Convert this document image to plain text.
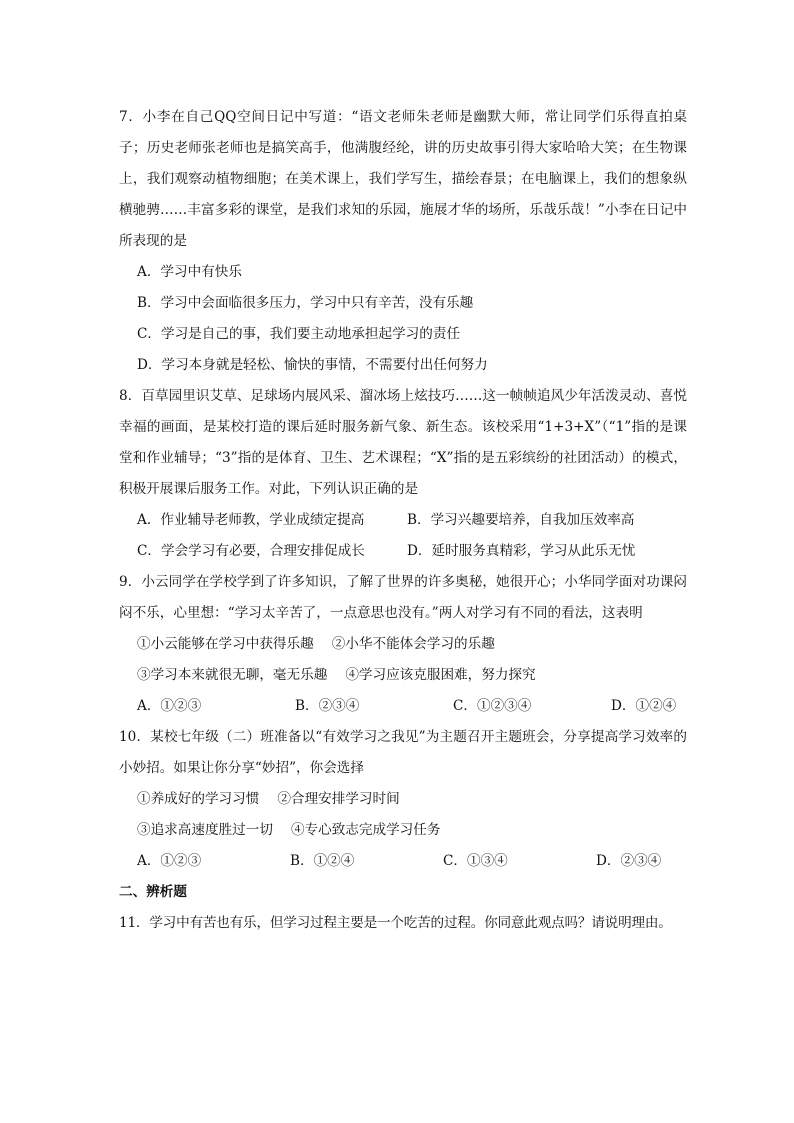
7．小李在自己QQ空间日记中写道：“语文老师朱老师是幽默大师，常让同学们乐得直拍桌子；历史老师张老师也是搞笑高手，他满腹经纶，讲的历史故事引得大家哈哈大笑；在生物课上，我们观察动植物细胞；在美术课上，我们学写生，描绘春景；在电脑课上，我们的想象纵横驰骋……丰富多彩的课堂，是我们求知的乐园，施展才华的场所，乐哉乐哉！”小李在日记中所表现的是
A．学习中有快乐
B．学习中会面临很多压力，学习中只有辛苦，没有乐趣
C．学习是自己的事，我们要主动地承担起学习的责任
D．学习本身就是轻松、愉快的事情，不需要付出任何努力
8．百草园里识艾草、足球场内展风采、溜冰场上炫技巧……这一帧帧追风少年活泼灵动、喜悦幸福的画面，是某校打造的课后延时服务新气象、新生态。该校采用“1+3+X”（“1”指的是课堂和作业辅导；“3”指的是体育、卫生、艺术课程；“X”指的是五彩缤纷的社团活动）的模式，积极开展课后服务工作。对此，下列认识正确的是
A．作业辅导老师教，学业成绩定提高	B．学习兴趣要培养，自我加压效率高
C．学会学习有必要，合理安排促成长	D．延时服务真精彩，学习从此乐无忧
9．小云同学在学校学到了许多知识，了解了世界的许多奥秘，她很开心；小华同学面对功课闷闷不乐，心里想：“学习太辛苦了，一点意思也没有。”两人对学习有不同的看法，这表明
①小云能够在学习中获得乐趣 ②小华不能体会学习的乐趣
③学习本来就很无聊，毫无乐趣 ④学习应该克服困难，努力探究
A．①②③	B．②③④	C．①②③④	D．①②④
10．某校七年级（二）班准备以“有效学习之我见”为主题召开主题班会，分享提高学习效率的小妙招。如果让你分享“妙招”，你会选择
①养成好的学习习惯 ②合理安排学习时间
③追求高速度胜过一切 ④专心致志完成学习任务
A．①②③	B．①②④	C．①③④	D．②③④
二、辨析题
11．学习中有苦也有乐，但学习过程主要是一个吃苦的过程。你同意此观点吗？请说明理由。
